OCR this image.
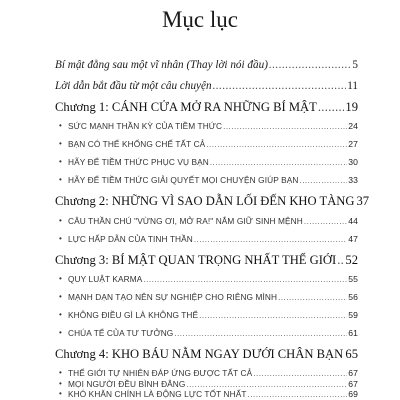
Mục lục
Bí mật đằng sau một vĩ nhân (Thay lời nói đầu) .....	5
Lời dẫn bắt đầu từ một câu chuyện .....	11
Chương 1: CÁNH CỬA MỞ RA NHỮNG BÍ MẬT ..... 19
• SỨC MẠNH THẦN KỲ CỦA TIỀM THỨC .....	24
• BẠN CÓ THỂ KHỐNG CHẾ TẤT CẢ .....	27
• HÃY ĐỂ TIỀM THỨC PHỤC VỤ BẠN .....	30
• HÃY ĐỂ TIỀM THỨC GIẢI QUYẾT MỌI CHUYỆN GIÚP BẠN .....	33
Chương 2: NHỮNG VÌ SAO DẪN LỐI ĐẾN KHO TÀNG 37
• CÂU THẦN CHÚ "VỪNG ƠI, MỞ RA!" NẮM GIỮ SINH MỆNH .....	44
• LỰC HẤP DẪN CỦA TINH THẦN .....	47
Chương 3: BÍ MẬT QUAN TRỌNG NHẤT THẾ GIỚI ..... 52
• QUY LUẬT KARMA .....	55
• MẠNH DẠN TẠO NÊN SỰ NGHIỆP CHO RIÊNG MÌNH .....	56
• KHÔNG ĐIỀU GÌ LÀ KHÔNG THỂ .....	59
• CHÚA TỂ CỦA TƯ TƯỞNG .....	61
Chương 4: KHO BÁU NẰM NGAY DƯỚI CHÂN BẠN ..... 65
• THẾ GIỚI TỰ NHIÊN ĐÁP ỨNG ĐƯỢC TẤT CẢ .....	67
• MỌI NGƯỜI ĐỀU BÌNH ĐẲNG .....	67
• KHÓ KHĂN CHÍNH LÀ ĐỘNG LỰC TỐT NHẤT .....	69
